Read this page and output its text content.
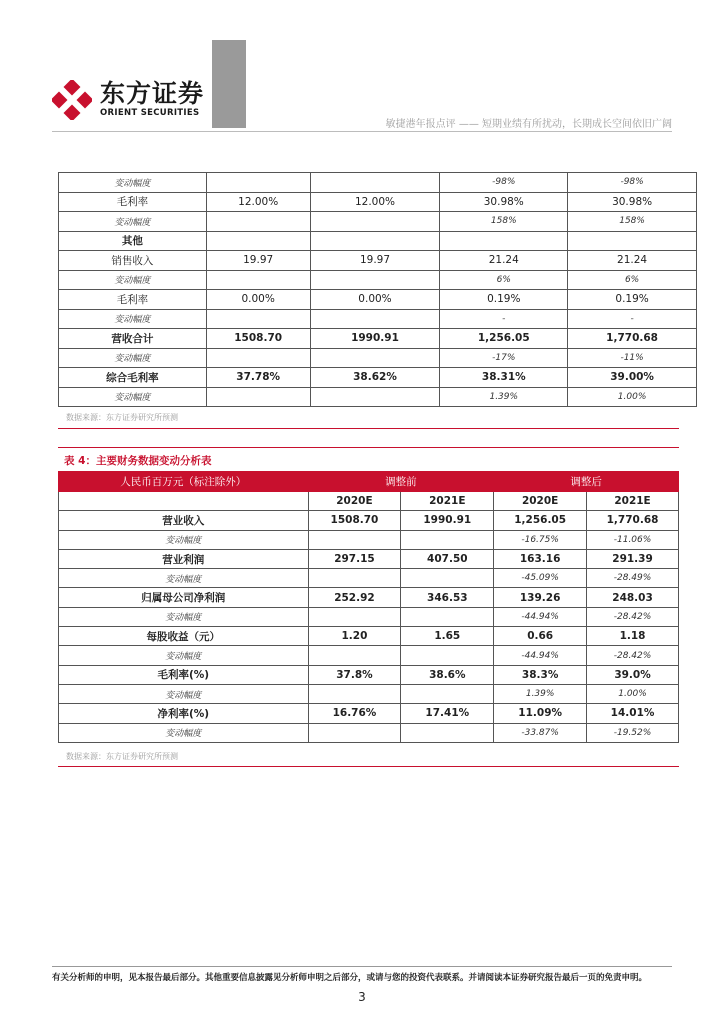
东方证券
ORIENT SECURITIES
敏捷港年报点评 —— 短期业绩有所扰动，长期成长空间依旧广阔
变动幅度			-98%	-98%
毛利率	12.00%	12.00%	30.98%	30.98%
变动幅度			158%	158%
其他				
销售收入	19.97	19.97	21.24	21.24
变动幅度			6%	6%
毛利率	0.00%	0.00%	0.19%	0.19%
变动幅度			-	-
营收合计	1508.70	1990.91	1,256.05	1,770.68
变动幅度			-17%	-11%
综合毛利率	37.78%	38.62%	38.31%	39.00%
变动幅度			1.39%	1.00%
数据来源：东方证券研究所预测
表 4：主要财务数据变动分析表
人民币百万元（标注除外）	调整前		调整后	
	2020E	2021E	2020E	2021E
营业收入	1508.70	1990.91	1,256.05	1,770.68
变动幅度			-16.75%	-11.06%
营业利润	297.15	407.50	163.16	291.39
变动幅度			-45.09%	-28.49%
归属母公司净利润	252.92	346.53	139.26	248.03
变动幅度			-44.94%	-28.42%
每股收益（元）	1.20	1.65	0.66	1.18
变动幅度			-44.94%	-28.42%
毛利率(%)	37.8%	38.6%	38.3%	39.0%
变动幅度			1.39%	1.00%
净利率(%)	16.76%	17.41%	11.09%	14.01%
变动幅度			-33.87%	-19.52%
数据来源：东方证券研究所预测
有关分析师的申明，见本报告最后部分。其他重要信息披露见分析师申明之后部分，或请与您的投资代表联系。并请阅读本证券研究报告最后一页的免责申明。
3
